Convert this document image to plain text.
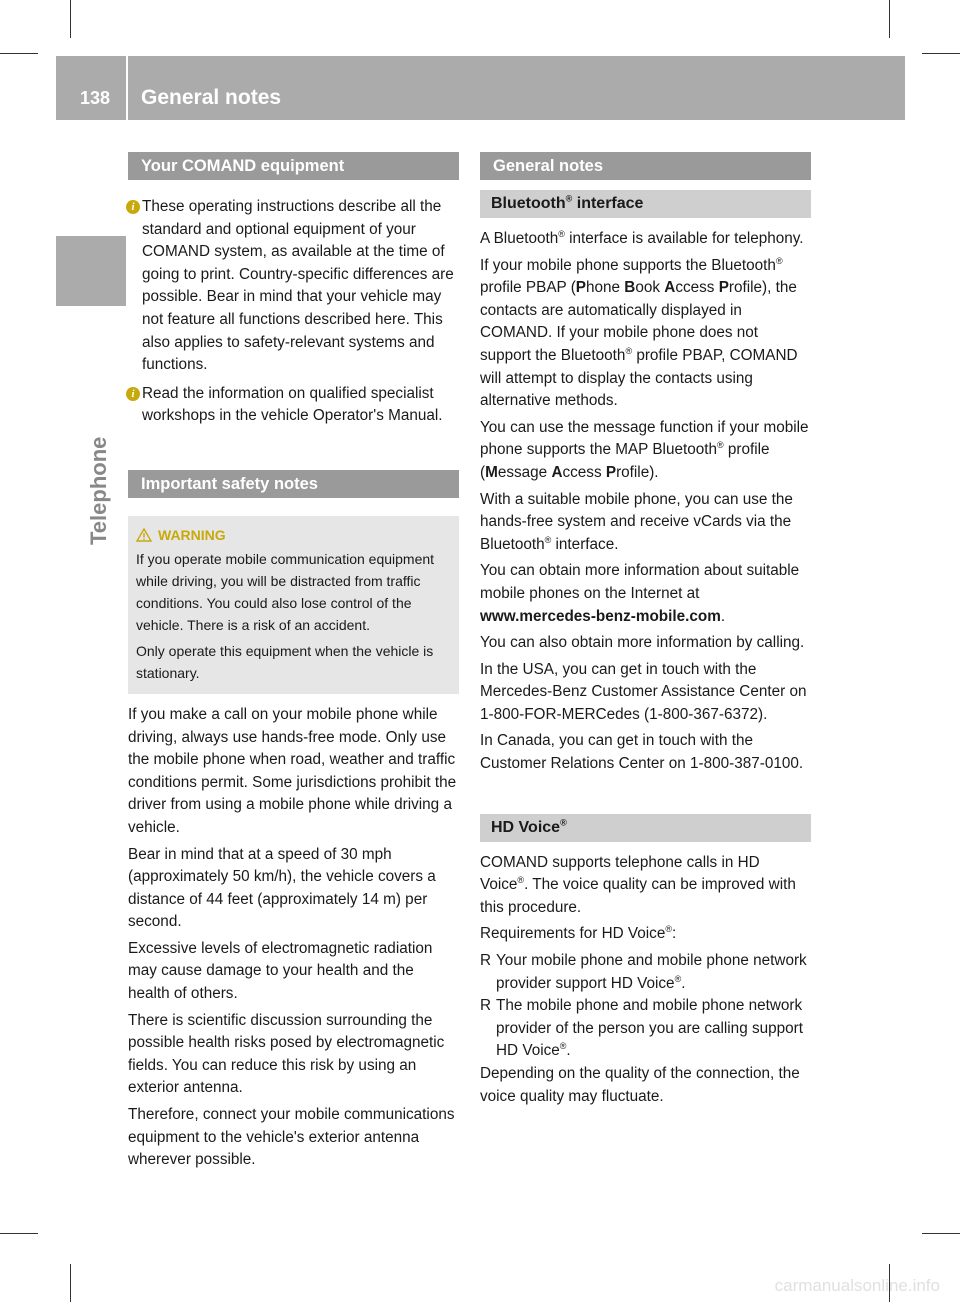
138	General notes
Telephone
Your COMAND equipment
i These operating instructions describe all the standard and optional equipment of your COMAND system, as available at the time of going to print. Country-specific differences are possible. Bear in mind that your vehicle may not feature all functions described here. This also applies to safety-relevant systems and functions.
i Read the information on qualified specialist workshops in the vehicle Operator's Manual.
Important safety notes
WARNING

If you operate mobile communication equipment while driving, you will be distracted from traffic conditions. You could also lose control of the vehicle. There is a risk of an accident.

Only operate this equipment when the vehicle is stationary.

If you make a call on your mobile phone while driving, always use hands-free mode. Only use the mobile phone when road, weather and traffic conditions permit. Some jurisdictions prohibit the driver from using a mobile phone while driving a vehicle.

Bear in mind that at a speed of 30 mph (approximately 50 km/h), the vehicle covers a distance of 44 feet (approximately 14 m) per second.

Excessive levels of electromagnetic radiation may cause damage to your health and the health of others.

There is scientific discussion surrounding the possible health risks posed by electromagnetic fields. You can reduce this risk by using an exterior antenna.

Therefore, connect your mobile communications equipment to the vehicle's exterior antenna wherever possible.

General notes
Bluetooth® interface

A Bluetooth® interface is available for telephony.

If your mobile phone supports the Bluetooth® profile PBAP (Phone Book Access Profile), the contacts are automatically displayed in COMAND. If your mobile phone does not support the Bluetooth® profile PBAP, COMAND will attempt to display the contacts using alternative methods.

You can use the message function if your mobile phone supports the MAP Bluetooth® profile (Message Access Profile).

With a suitable mobile phone, you can use the hands-free system and receive vCards via the Bluetooth® interface.

You can obtain more information about suitable mobile phones on the Internet at www.mercedes-benz-mobile.com.

You can also obtain more information by calling.

In the USA, you can get in touch with the Mercedes-Benz Customer Assistance Center on 1-800-FOR-MERCedes (1-800-367-6372).

In Canada, you can get in touch with the Customer Relations Center on 1-800-387-0100.

HD Voice®

COMAND supports telephone calls in HD Voice®. The voice quality can be improved with this procedure.

Requirements for HD Voice®:

R Your mobile phone and mobile phone network provider support HD Voice®.
R The mobile phone and mobile phone network provider of the person you are calling support HD Voice®.

Depending on the quality of the connection, the voice quality may fluctuate.

carmanualsonline.info
